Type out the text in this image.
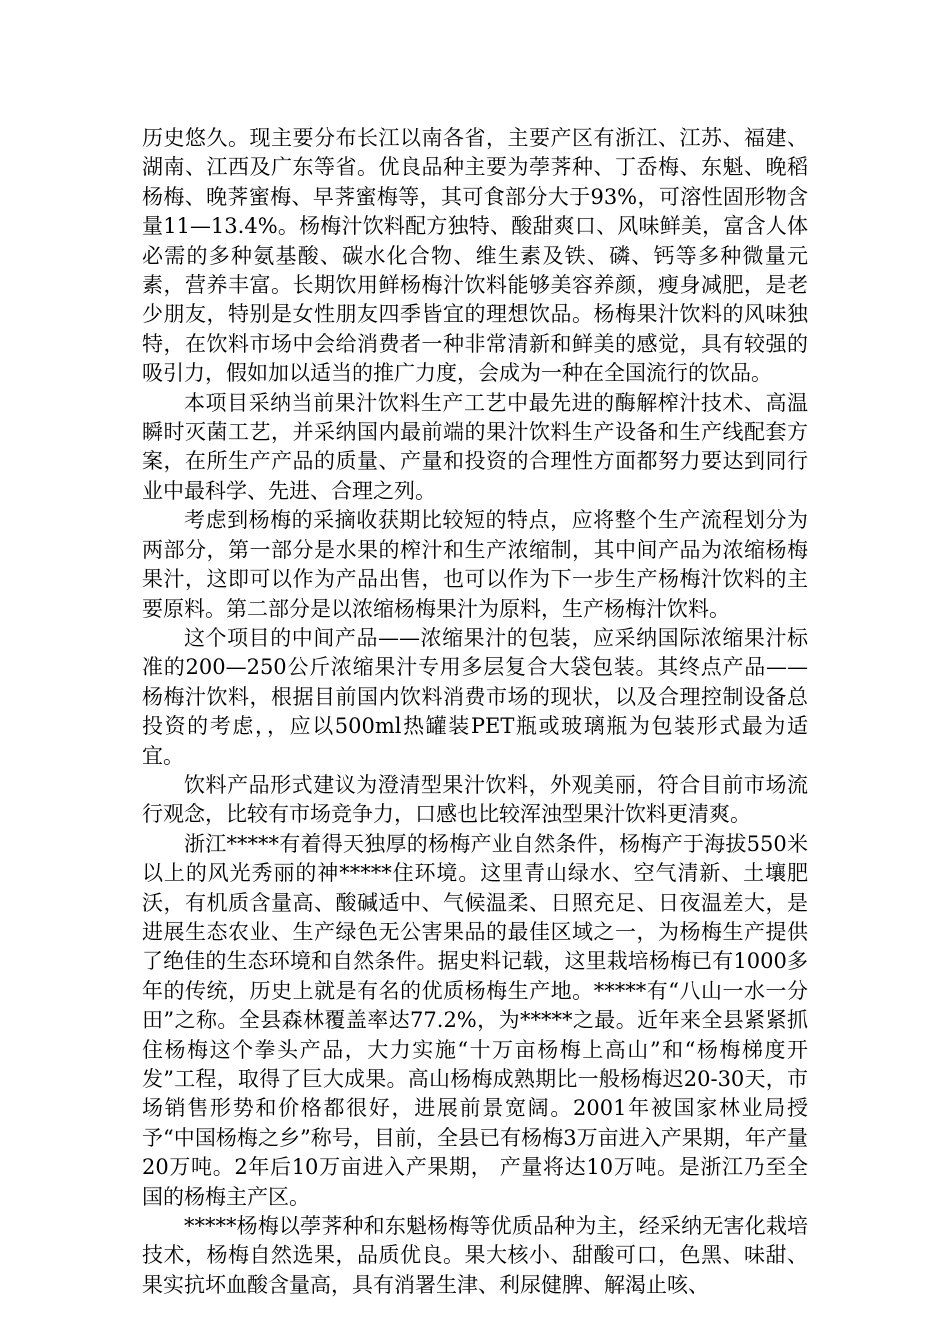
历史悠久。现主要分布长江以南各省，主要产区有浙江、江苏、福建、湖南、江西及广东等省。优良品种主要为荸荠种、丁岙梅、东魁、晚稻杨梅、晚荠蜜梅、早荠蜜梅等，其可食部分大于93%，可溶性固形物含量11—13.4%。杨梅汁饮料配方独特、酸甜爽口、风味鲜美，富含人体必需的多种氨基酸、碳水化合物、维生素及铁、磷、钙等多种微量元素，营养丰富。长期饮用鲜杨梅汁饮料能够美容养颜，瘦身减肥，是老少朋友，特别是女性朋友四季皆宜的理想饮品。杨梅果汁饮料的风味独特，在饮料市场中会给消费者一种非常清新和鲜美的感觉，具有较强的吸引力，假如加以适当的推广力度，会成为一种在全国流行的饮品。

本项目采纳当前果汁饮料生产工艺中最先进的酶解榨汁技术、高温瞬时灭菌工艺，并采纳国内最前端的果汁饮料生产设备和生产线配套方案，在所生产产品的质量、产量和投资的合理性方面都努力要达到同行业中最科学、先进、合理之列。

考虑到杨梅的采摘收获期比较短的特点，应将整个生产流程划分为两部分，第一部分是水果的榨汁和生产浓缩制，其中间产品为浓缩杨梅果汁，这即可以作为产品出售，也可以作为下一步生产杨梅汁饮料的主要原料。第二部分是以浓缩杨梅果汁为原料，生产杨梅汁饮料。

这个项目的中间产品——浓缩果汁的包装，应采纳国际浓缩果汁标准的200—250公斤浓缩果汁专用多层复合大袋包装。其终点产品——杨梅汁饮料，根据目前国内饮料消费市场的现状，以及合理控制设备总投资的考虑，，应以500ml热罐装PET瓶或玻璃瓶为包装形式最为适宜。

饮料产品形式建议为澄清型果汁饮料，外观美丽，符合目前市场流行观念，比较有市场竞争力，口感也比较浑浊型果汁饮料更清爽。

浙江*****有着得天独厚的杨梅产业自然条件，杨梅产于海拔550米以上的风光秀丽的神*****住环境。这里青山绿水、空气清新、土壤肥沃，有机质含量高、酸碱适中、气候温柔、日照充足、日夜温差大，是进展生态农业、生产绿色无公害果品的最佳区域之一，为杨梅生产提供了绝佳的生态环境和自然条件。据史料记载，这里栽培杨梅已有1000多年的传统，历史上就是有名的优质杨梅生产地。*****有“八山一水一分田”之称。全县森林覆盖率达77.2%，为*****之最。近年来全县紧紧抓住杨梅这个拳头产品，大力实施“十万亩杨梅上高山”和“杨梅梯度开发”工程，取得了巨大成果。高山杨梅成熟期比一般杨梅迟20-30天，市场销售形势和价格都很好，进展前景宽阔。2001年被国家林业局授予“中国杨梅之乡”称号，目前，全县已有杨梅3万亩进入产果期，年产量20万吨。2年后10万亩进入产果期， 产量将达10万吨。是浙江乃至全国的杨梅主产区。

*****杨梅以荸荠种和东魁杨梅等优质品种为主，经采纳无害化栽培技术，杨梅自然选果，品质优良。果大核小、甜酸可口，色黑、味甜、果实抗坏血酸含量高，具有消署生津、利尿健脾、解渴止咳、
